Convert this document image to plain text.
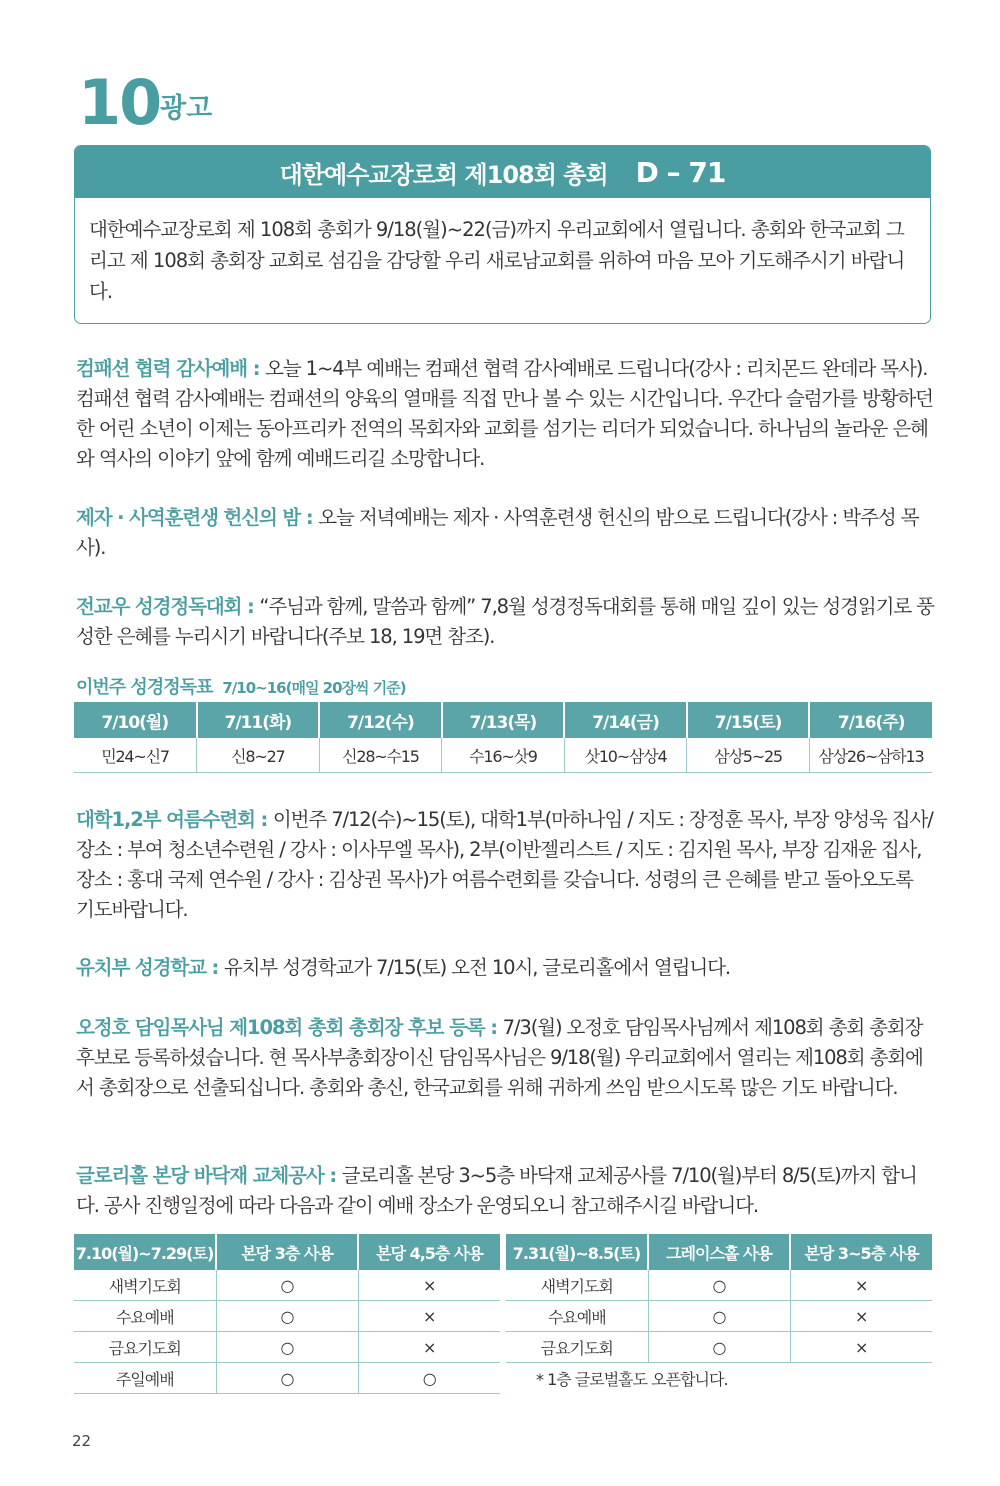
10 광고
대한예수교장로회 제108회 총회 D – 71
대한예수교장로회 제 108회 총회가 9/18(월)~22(금)까지 우리교회에서 열립니다. 총회와 한국교회 그리고 제 108회 총회장 교회로 섬김을 감당할 우리 새로남교회를 위하여 마음 모아 기도해주시기 바랍니다.
컴패션 협력 감사예배 : 오늘 1~4부 예배는 컴패션 협력 감사예배로 드립니다(강사 : 리치몬드 완데라 목사). 컴패션 협력 감사예배는 컴패션의 양육의 열매를 직접 만나 볼 수 있는 시간입니다. 우간다 슬럼가를 방황하던 한 어린 소년이 이제는 동아프리카 전역의 목회자와 교회를 섬기는 리더가 되었습니다. 하나님의 놀라운 은혜와 역사의 이야기 앞에 함께 예배드리길 소망합니다.
제자 · 사역훈련생 헌신의 밤 : 오늘 저녁예배는 제자 · 사역훈련생 헌신의 밤으로 드립니다(강사 : 박주성 목사).
전교우 성경정독대회 : “주님과 함께, 말씀과 함께” 7,8월 성경정독대회를 통해 매일 깊이 있는 성경읽기로 풍성한 은혜를 누리시기 바랍니다(주보 18, 19면 참조).
이번주 성경정독표 7/10~16(매일 20장씩 기준)
7/10(월)	7/11(화)	7/12(수)	7/13(목)	7/14(금)	7/15(토)	7/16(주)
민24~신7	신8~27	신28~수15	수16~삿9	삿10~삼상4	삼상5~25	삼상26~삼하13
대학1,2부 여름수련회 : 이번주 7/12(수)~15(토), 대학1부(마하나임 / 지도 : 장정훈 목사, 부장 양성욱 집사/ 장소 : 부여 청소년수련원 / 강사 : 이사무엘 목사), 2부(이반젤리스트 / 지도 : 김지원 목사, 부장 김재윤 집사, 장소 : 홍대 국제 연수원 / 강사 : 김상권 목사)가 여름수련회를 갖습니다. 성령의 큰 은혜를 받고 돌아오도록 기도바랍니다.
유치부 성경학교 : 유치부 성경학교가 7/15(토) 오전 10시, 글로리홀에서 열립니다.
오정호 담임목사님 제108회 총회 총회장 후보 등록 : 7/3(월) 오정호 담임목사님께서 제108회 총회 총회장 후보로 등록하셨습니다. 현 목사부총회장이신 담임목사님은 9/18(월) 우리교회에서 열리는 제108회 총회에서 총회장으로 선출되십니다. 총회와 총신, 한국교회를 위해 귀하게 쓰임 받으시도록 많은 기도 바랍니다.
글로리홀 본당 바닥재 교체공사 : 글로리홀 본당 3~5층 바닥재 교체공사를 7/10(월)부터 8/5(토)까지 합니다. 공사 진행일정에 따라 다음과 같이 예배 장소가 운영되오니 참고해주시길 바랍니다.
7.10(월)~7.29(토)	본당 3층 사용	본당 4,5층 사용
새벽기도회	○	×
수요예배	○	×
금요기도회	○	×
주일예배	○	○
7.31(월)~8.5(토)	그레이스홀 사용	본당 3~5층 사용
새벽기도회	○	×
수요예배	○	×
금요기도회	○	×
* 1층 글로벌홀도 오픈합니다.		
22
